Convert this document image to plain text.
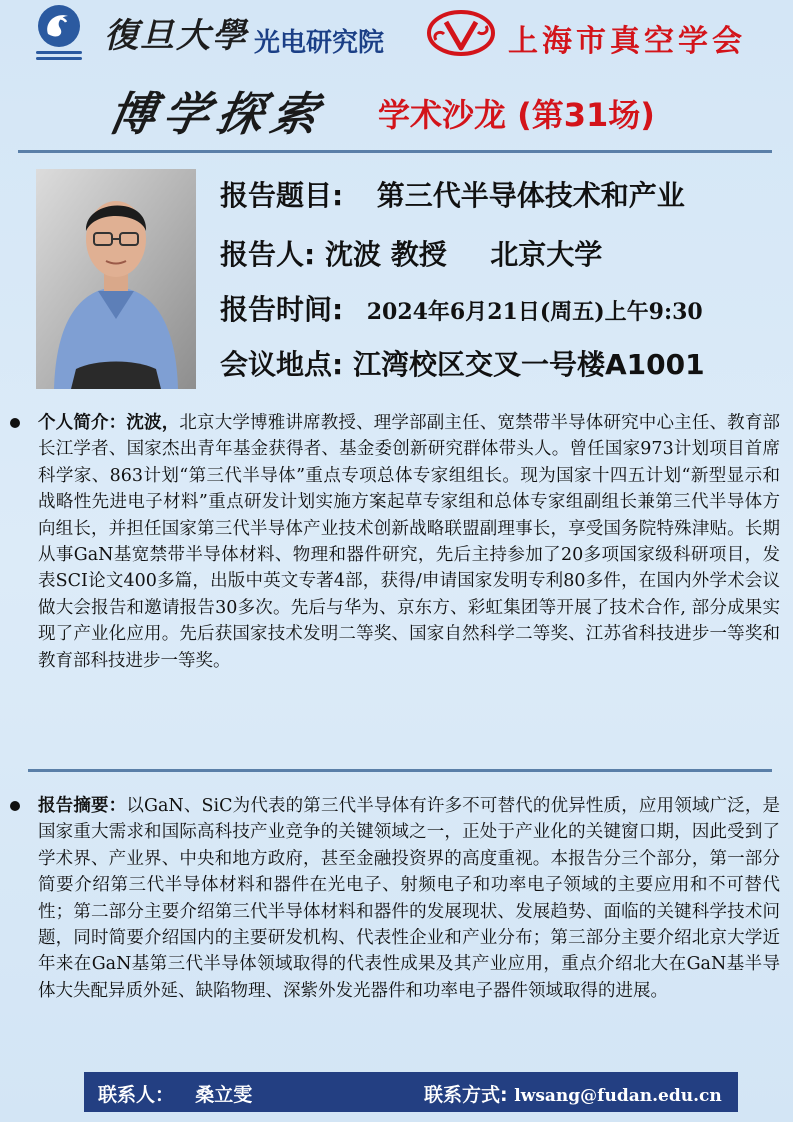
復旦大學 光电研究院	上海市真空学会
博学探索 学术沙龙 (第31场)
报告题目: 第三代半导体技术和产业
报告人: 沈波 教授 北京大学
报告时间: 2024年6月21日(周五)上午9:30
会议地点: 江湾校区交叉一号楼A1001
个人简介：沈波，北京大学博雅讲席教授、理学部副主任、宽禁带半导体研究中心主任、教育部长江学者、国家杰出青年基金获得者、基金委创新研究群体带头人。曾任国家973计划项目首席科学家、863计划“第三代半导体”重点专项总体专家组组长。现为国家十四五计划“新型显示和战略性先进电子材料”重点研发计划实施方案起草专家组和总体专家组副组长兼第三代半导体方向组长，并担任国家第三代半导体产业技术创新战略联盟副理事长，享受国务院特殊津贴。长期从事GaN基宽禁带半导体材料、物理和器件研究，先后主持参加了20多项国家级科研项目，发表SCI论文400多篇，出版中英文专著4部，获得/申请国家发明专利80多件，在国内外学术会议做大会报告和邀请报告30多次。先后与华为、京东方、彩虹集团等开展了技术合作, 部分成果实现了产业化应用。先后获国家技术发明二等奖、国家自然科学二等奖、江苏省科技进步一等奖和教育部科技进步一等奖。
报告摘要：以GaN、SiC为代表的第三代半导体有许多不可替代的优异性质，应用领域广泛，是国家重大需求和国际高科技产业竞争的关键领域之一，正处于产业化的关键窗口期，因此受到了学术界、产业界、中央和地方政府，甚至金融投资界的高度重视。本报告分三个部分，第一部分简要介绍第三代半导体材料和器件在光电子、射频电子和功率电子领域的主要应用和不可替代性；第二部分主要介绍第三代半导体材料和器件的发展现状、发展趋势、面临的关键科学技术问题，同时简要介绍国内的主要研发机构、代表性企业和产业分布；第三部分主要介绍北京大学近年来在GaN基第三代半导体领域取得的代表性成果及其产业应用，重点介绍北大在GaN基半导体大失配异质外延、缺陷物理、深紫外发光器件和功率电子器件领域取得的进展。
联系人： 桑立雯	联系方式: lwsang@fudan.edu.cn
